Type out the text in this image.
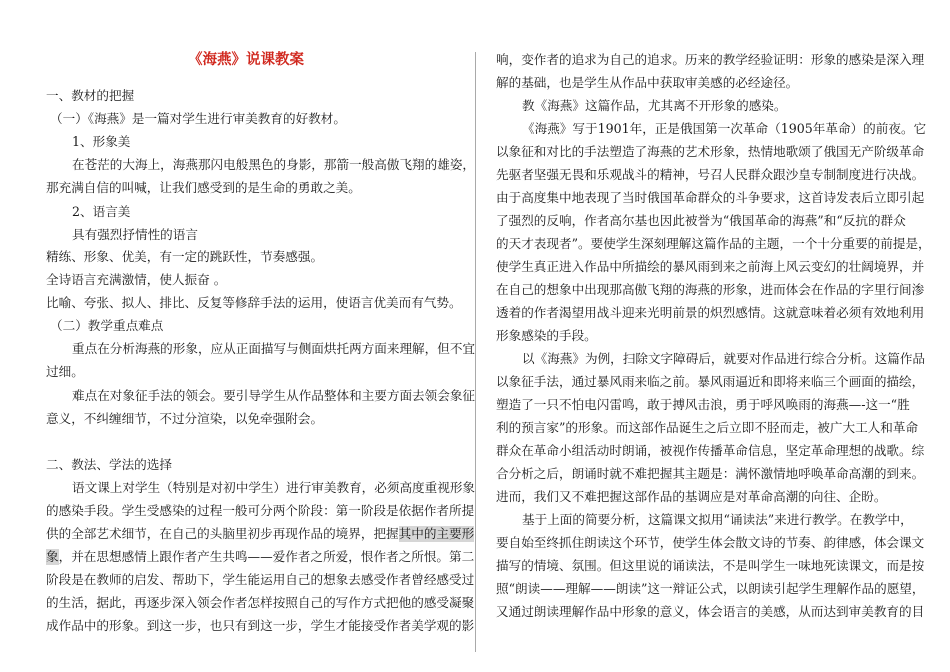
《海燕》说课教案
一、教材的把握
（一）《海燕》是一篇对学生进行审美教育的好教材。
1、形象美
在苍茫的大海上，海燕那闪电般黑色的身影，那箭一般高傲飞翔的雄姿，
那充满自信的叫喊，让我们感受到的是生命的勇敢之美。
2、语言美
具有强烈抒情性的语言
精练、形象、优美，有一定的跳跃性，节奏感强。
全诗语言充满激情，使人振奋 。
比喻、夸张、拟人、排比、反复等修辞手法的运用，使语言优美而有气势。
（二）教学重点难点
重点在分析海燕的形象，应从正面描写与侧面烘托两方面来理解，但不宜
过细。
难点在对象征手法的领会。要引导学生从作品整体和主要方面去领会象征
意义，不纠缠细节，不过分渲染，以免牵强附会。
二、教法、学法的选择
语文课上对学生（特别是对初中学生）进行审美教育，必须高度重视形象
的感染手段。学生受感染的过程一般可分两个阶段：第一阶段是依据作者所提
供的全部艺术细节，在自己的头脑里初步再现作品的境界，把握 其中的主要形
象 ，并在思想感情上跟作者产生共鸣——爱作者之所爱，恨作者之所恨。第二
阶段是在教师的启发、帮助下，学生能运用自己的想象去感受作者曾经感受过
的生活，据此，再逐步深入领会作者怎样按照自己的写作方式把他的感受凝聚
成作品中的形象。到这一步，也只有到这一步，学生才能接受作者美学观的影
响，变作者的追求为自己的追求。历来的教学经验证明：形象的感染是深入理
解的基础，也是学生从作品中获取审美感的必经途径。
教《海燕》这篇作品，尤其离不开形象的感染。
《海燕》写于1901年，正是俄国第一次革命（1905年革命）的前夜。它
以象征和对比的手法塑造了海燕的艺术形象，热情地歌颂了俄国无产阶级革命
先驱者坚强无畏和乐观战斗的精神，号召人民群众跟沙皇专制制度进行决战。
由于高度集中地表现了当时俄国革命群众的斗争要求，这首诗发表后立即引起
了强烈的反响，作者高尔基也因此被誉为“俄国革命的海燕”和“反抗的群众
的天才表现者”。要使学生深刻理解这篇作品的主题，一个十分重要的前提是，
使学生真正进入作品中所描绘的暴风雨到来之前海上风云变幻的壮阔境界，并
在自己的想象中出现那高傲飞翔的海燕的形象，进而体会在作品的字里行间渗
透着的作者渴望用战斗迎来光明前景的炽烈感情。这就意味着必须有效地利用
形象感染的手段。
以《海燕》为例，扫除文字障碍后，就要对作品进行综合分析。这篇作品
以象征手法，通过暴风雨来临之前。暴风雨逼近和即将来临三个画面的描绘，
塑造了一只不怕电闪雷鸣，敢于搏风击浪，勇于呼风唤雨的海燕—-这一“胜
利的预言家”的形象。而这部作品诞生之后立即不胫而走，被广大工人和革命
群众在革命小组活动时朗诵，被视作传播革命信息，坚定革命理想的战歌。综
合分析之后，朗诵时就不难把握其主题是：满怀激情地呼唤革命高潮的到来。
进而，我们又不难把握这部作品的基调应是对革命高潮的向往、企盼。
基于上面的简要分析，这篇课文拟用“诵读法”来进行教学。在教学中，
要自始至终抓住朗读这个环节，使学生体会散文诗的节奏、韵律感，体会课文
描写的情境、氛围。但这里说的诵读法，不是叫学生一味地死读课文，而是按
照“朗读——理解——朗读”这一辩证公式，以朗读引起学生理解作品的愿望，
又通过朗读理解作品中形象的意义，体会语言的美感，从而达到审美教育的目
